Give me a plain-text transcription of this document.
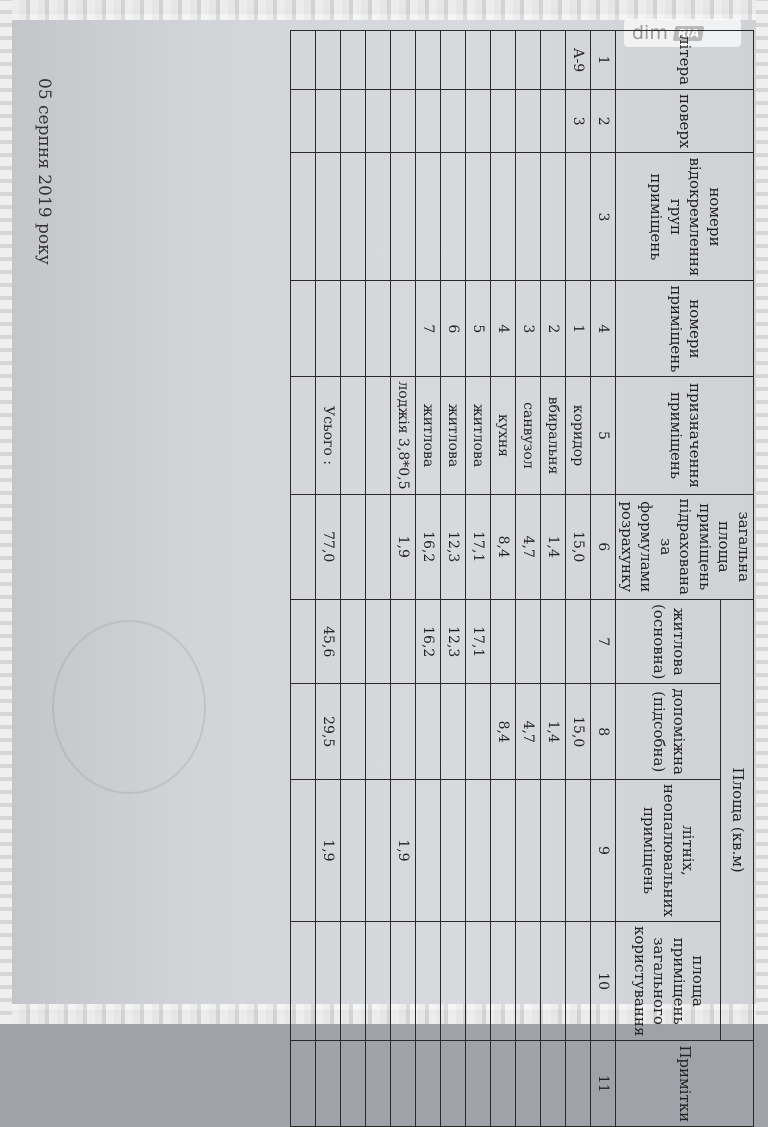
dim RIA
05 серпня 2019 року
літера	поверх	номери відокремлення груп приміщень	номери приміщень	призначення приміщень	загальна площа приміщень підрахована за формулами розрахунку	Площа (кв.м)				Примітки
						житлова (основна)	допоміжна (підсобна)	літніх, неопалювальних приміщень	площа приміщень загального користування	
1	2	3	4	5	6	7	8	9	10	11
А-9	3		1	коридор	15,0		15,0			
			2	вбиральня	1,4		1,4			
			3	санвузол	4,7		4,7			
			4	кухня	8,4		8,4			
			5	житлова	17,1	17,1				
			6	житлова	12,3	12,3				
			7	житлова	16,2	16,2				
				лоджія 3,8*0,5	1,9			1,9		

				Усього :	77,0	45,6	29,5	1,9		
